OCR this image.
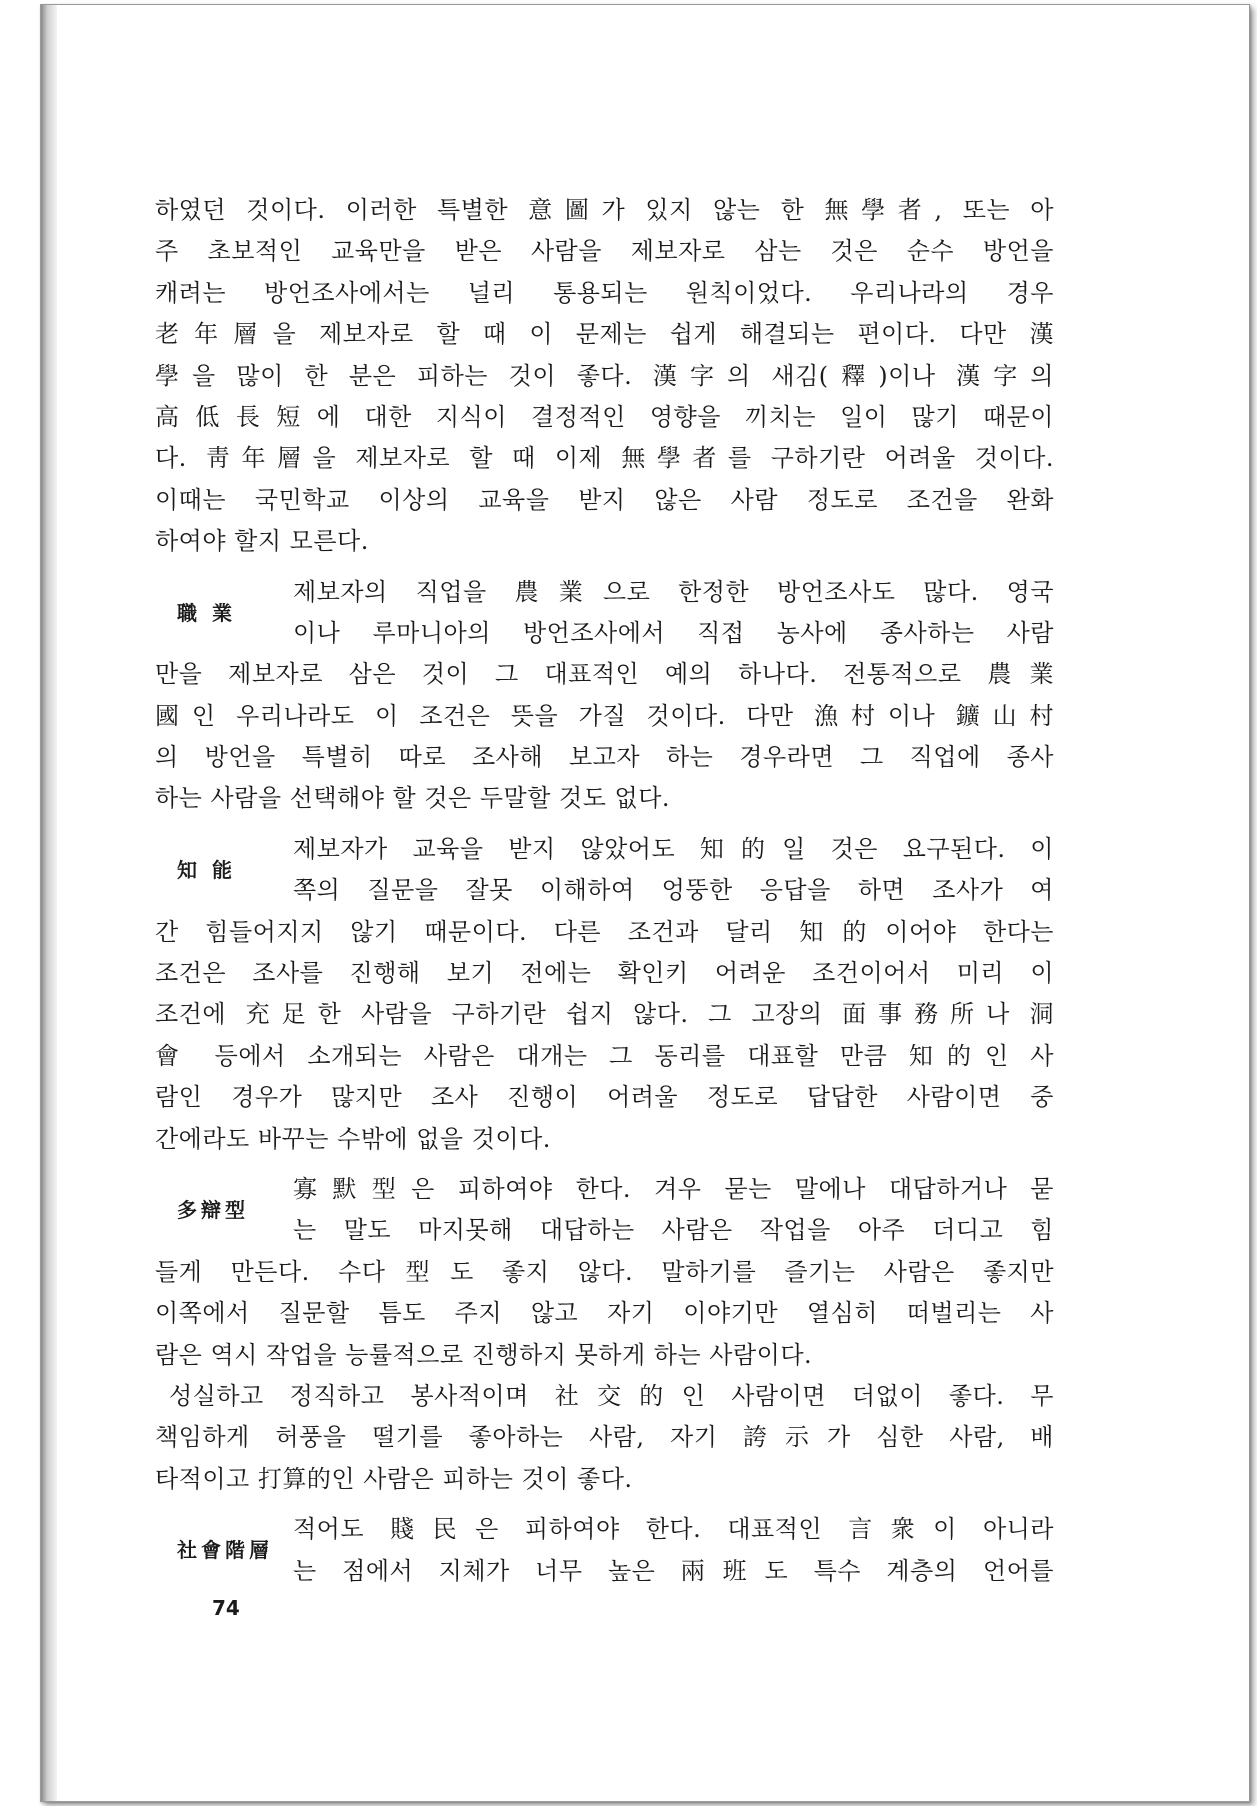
하였던 것이다. 이러한 특별한 意圖가 있지 않는 한 無學者, 또는 아
주 초보적인 교육만을 받은 사람을 제보자로 삼는 것은 순수 방언을
캐려는 방언조사에서는 널리 통용되는 원칙이었다. 우리나라의 경우
老年層을 제보자로 할 때 이 문제는 쉽게 해결되는 편이다. 다만 漢
學을 많이 한 분은 피하는 것이 좋다. 漢字의 새김(釋)이나 漢字의
高低長短에 대한 지식이 결정적인 영향을 끼치는 일이 많기 때문이
다. 靑年層을 제보자로 할 때 이제 無學者를 구하기란 어려울 것이다.
이때는 국민학교 이상의 교육을 받지 않은 사람 정도로 조건을 완화
하여야 할지 모른다.
職 業
제보자의 직업을 農業으로 한정한 방언조사도 많다. 영국
이나 루마니아의 방언조사에서 직접 농사에 종사하는 사람
만을 제보자로 삼은 것이 그 대표적인 예의 하나다. 전통적으로 農業
國인 우리나라도 이 조건은 뜻을 가질 것이다. 다만 漁村이나 鑛山村
의 방언을 특별히 따로 조사해 보고자 하는 경우라면 그 직업에 종사
하는 사람을 선택해야 할 것은 두말할 것도 없다.
知 能
제보자가 교육을 받지 않았어도 知的일 것은 요구된다. 이
쪽의 질문을 잘못 이해하여 엉뚱한 응답을 하면 조사가 여
간 힘들어지지 않기 때문이다. 다른 조건과 달리 知的이어야 한다는
조건은 조사를 진행해 보기 전에는 확인키 어려운 조건이어서 미리 이
조건에 充足한 사람을 구하기란 쉽지 않다. 그 고장의 面事務所나 洞
會 등에서 소개되는 사람은 대개는 그 동리를 대표할 만큼 知的인 사
람인 경우가 많지만 조사 진행이 어려울 정도로 답답한 사람이면 중
간에라도 바꾸는 수밖에 없을 것이다.
多辯型
寡默型은 피하여야 한다. 겨우 묻는 말에나 대답하거나 묻
는 말도 마지못해 대답하는 사람은 작업을 아주 더디고 힘
들게 만든다. 수다型도 좋지 않다. 말하기를 즐기는 사람은 좋지만
이쪽에서 질문할 틈도 주지 않고 자기 이야기만 열심히 떠벌리는 사
람은 역시 작업을 능률적으로 진행하지 못하게 하는 사람이다.
성실하고 정직하고 봉사적이며 社交的인 사람이면 더없이 좋다. 무
책임하게 허풍을 떨기를 좋아하는 사람, 자기 誇示가 심한 사람, 배
타적이고 打算的인 사람은 피하는 것이 좋다.
社會階層
적어도 賤民은 피하여야 한다. 대표적인 言衆이 아니라
는 점에서 지체가 너무 높은 兩班도 특수 계층의 언어를
74
